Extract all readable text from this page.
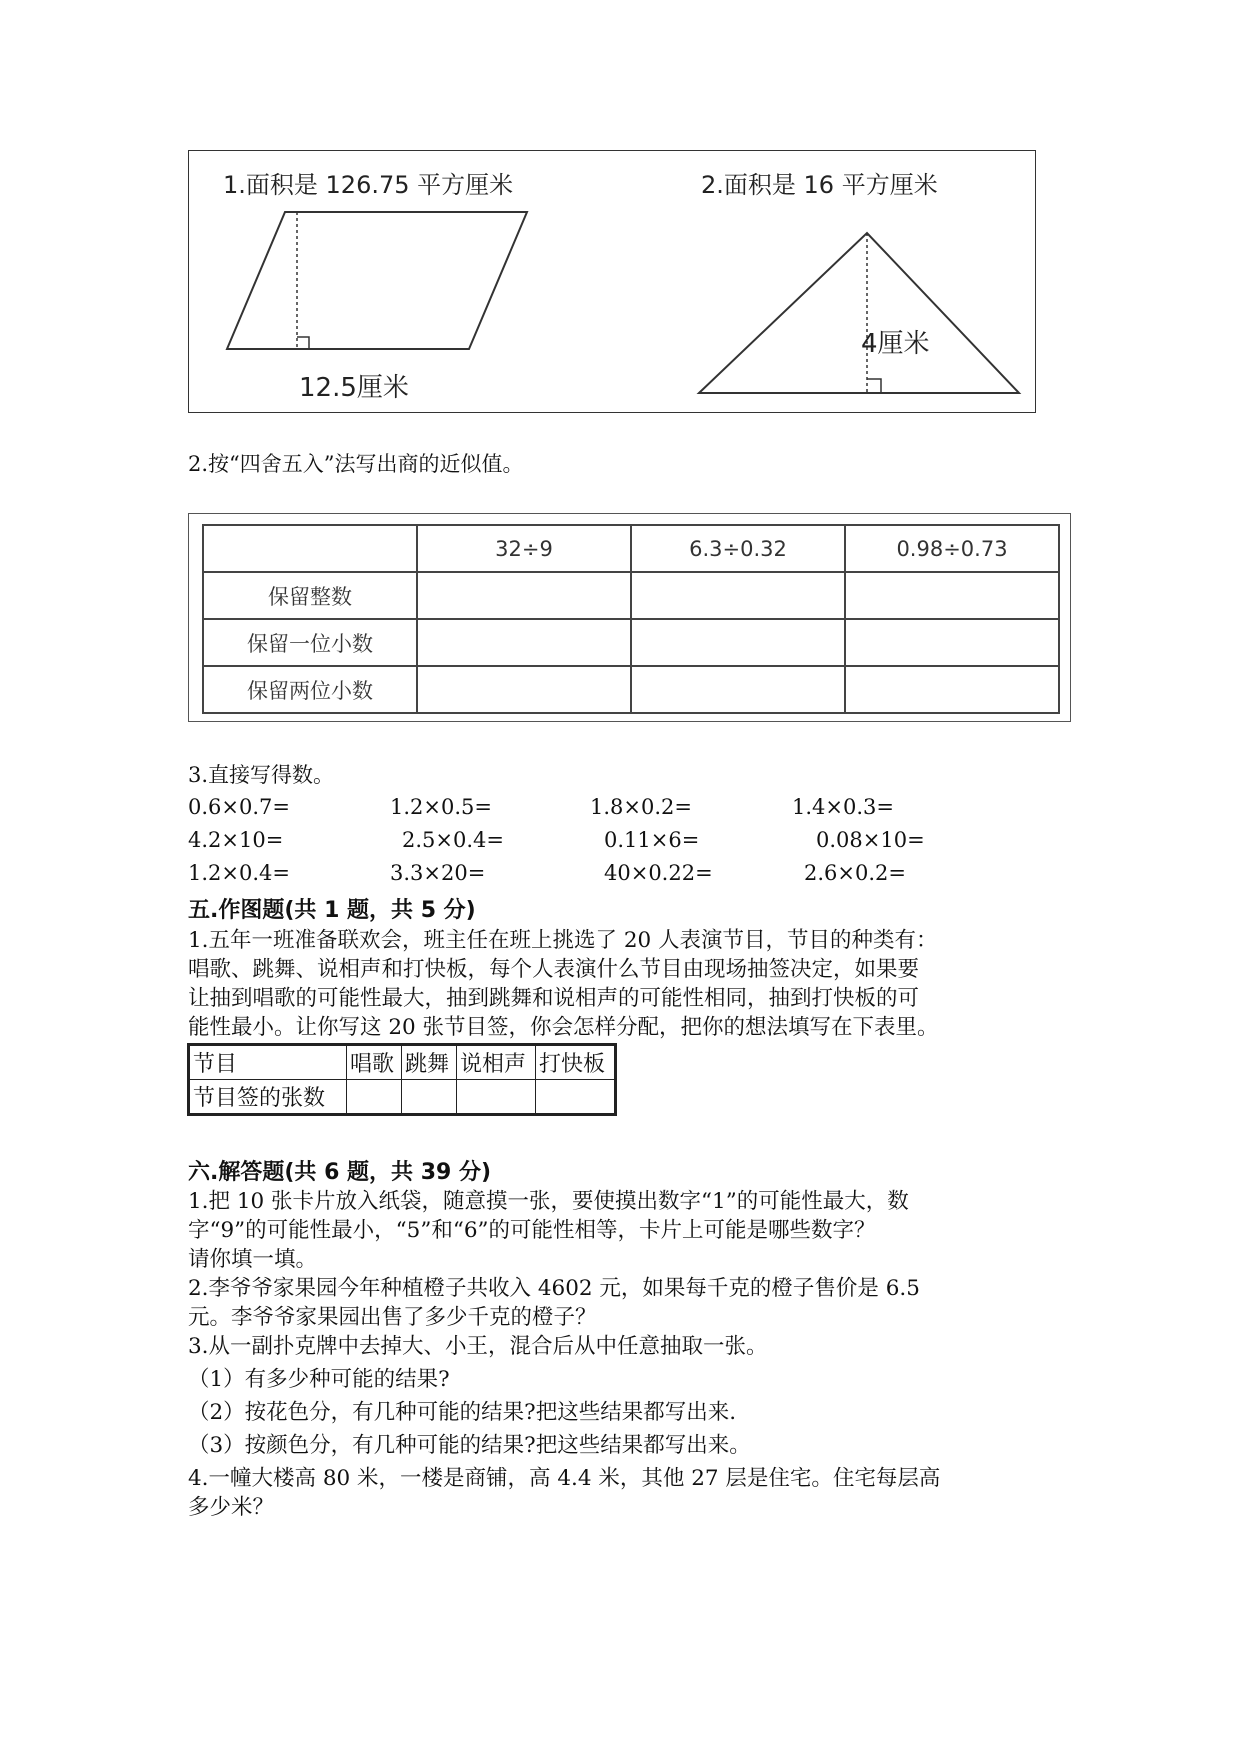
1.面积是 126.75 平方厘米
12.5厘米
2.面积是 16 平方厘米
4厘米
2.按“四舍五入”法写出商的近似值。
	32÷9	6.3÷0.32	0.98÷0.73
保留整数			
保留一位小数			
保留两位小数			
3.直接写得数。
0.6×0.7=	1.2×0.5=	1.8×0.2=	1.4×0.3=
4.2×10=	2.5×0.4=	0.11×6=	0.08×10=
1.2×0.4=	3.3×20=	40×0.22=	2.6×0.2=
五.作图题(共 1 题，共 5 分)
1.五年一班准备联欢会，班主任在班上挑选了 20 人表演节目，节目的种类有：
唱歌、跳舞、说相声和打快板，每个人表演什么节目由现场抽签决定，如果要
让抽到唱歌的可能性最大，抽到跳舞和说相声的可能性相同，抽到打快板的可
能性最小。让你写这 20 张节目签，你会怎样分配，把你的想法填写在下表里。
节目	唱歌	跳舞	说相声	打快板
节目签的张数				
六.解答题(共 6 题，共 39 分)
1.把 10 张卡片放入纸袋，随意摸一张，要使摸出数字“1”的可能性最大，数
字“9”的可能性最小，“5”和“6”的可能性相等，卡片上可能是哪些数字？
请你填一填。
2.李爷爷家果园今年种植橙子共收入 4602 元，如果每千克的橙子售价是 6.5
元。李爷爷家果园出售了多少千克的橙子？
3.从一副扑克牌中去掉大、小王，混合后从中任意抽取一张。
（1）有多少种可能的结果?
（2）按花色分，有几种可能的结果?把这些结果都写出来.
（3）按颜色分，有几种可能的结果?把这些结果都写出来。
4.一幢大楼高 80 米，一楼是商铺，高 4.4 米，其他 27 层是住宅。住宅每层高
多少米？
